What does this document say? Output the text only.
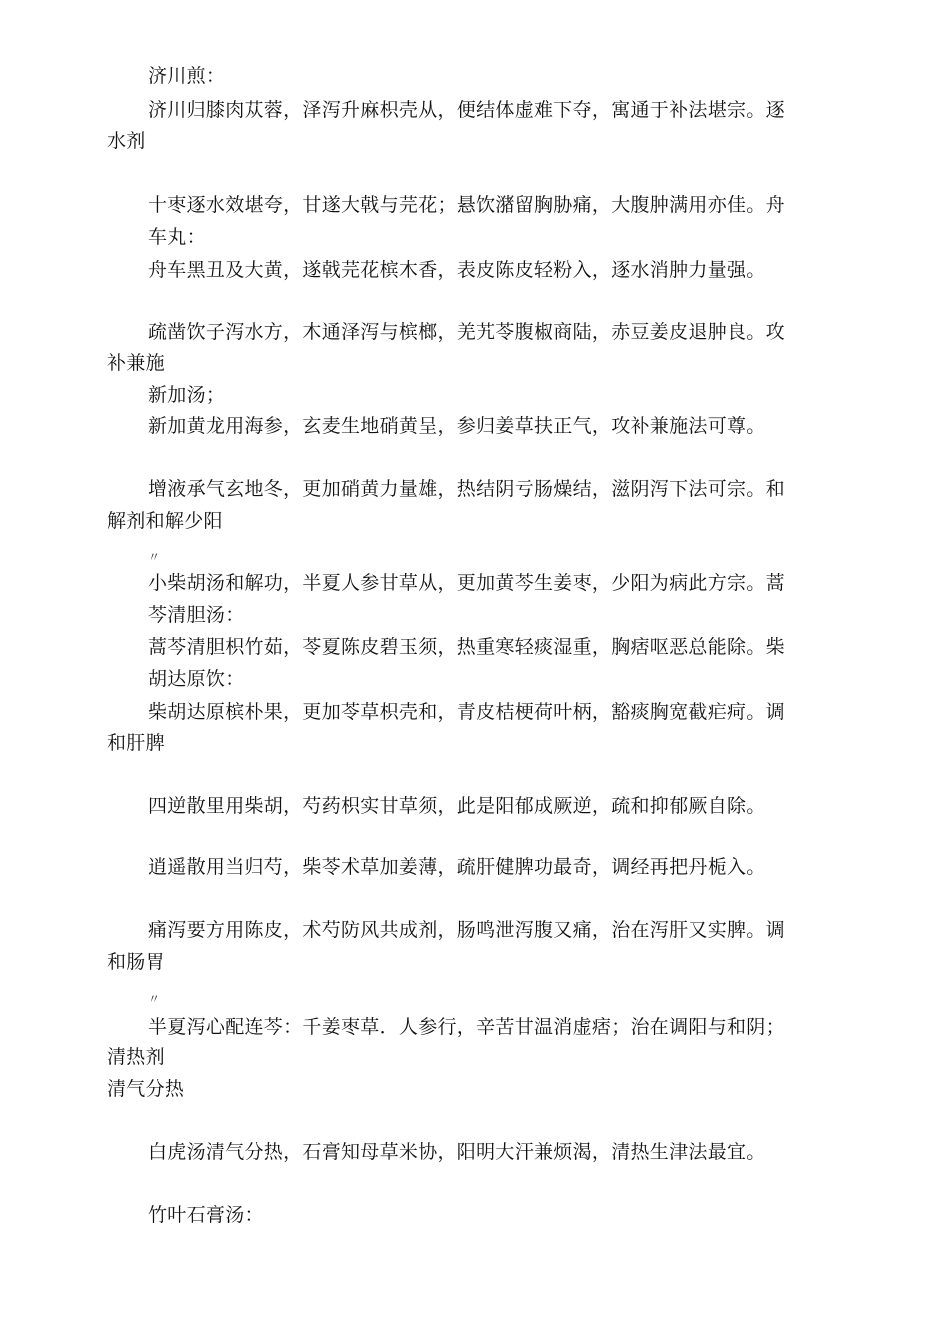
济川煎：
济川归膝肉苁蓉，泽泻升麻枳壳从，便结体虚难下夺，寓通于补法堪宗。逐
水剂
十枣逐水效堪夸，甘遂大戟与芫花；悬饮潴留胸胁痛，大腹肿满用亦佳。舟
车丸：
舟车黑丑及大黄，遂戟芫花槟木香，表皮陈皮轻粉入，逐水消肿力量强。
疏凿饮子泻水方，木通泽泻与槟榔，羌艽苓腹椒商陆，赤豆姜皮退肿良。攻
补兼施
新加汤；
新加黄龙用海参，玄麦生地硝黄呈，参归姜草扶正气，攻补兼施法可尊。
增液承气玄地冬，更加硝黄力量雄，热结阴亏肠燥结，滋阴泻下法可宗。和
解剂和解少阳
〃
小柴胡汤和解功，半夏人参甘草从，更加黄芩生姜枣，少阳为病此方宗。蒿
芩清胆汤：
蒿芩清胆枳竹茹，苓夏陈皮碧玉须，热重寒轻痰湿重，胸痞呕恶总能除。柴
胡达原饮：
柴胡达原槟朴果，更加苓草枳壳和，青皮桔梗荷叶柄，豁痰胸宽截疟疴。调
和肝脾
四逆散里用柴胡，芍药枳实甘草须，此是阳郁成厥逆，疏和抑郁厥自除。
逍遥散用当归芍，柴苓术草加姜薄，疏肝健脾功最奇，调经再把丹栀入。
痛泻要方用陈皮，术芍防风共成剂，肠鸣泄泻腹又痛，治在泻肝又实脾。调
和肠胃
〃
半夏泻心配连芩：千姜枣草．人参行，辛苦甘温消虚痞；治在调阳与和阴；
清热剂
清气分热
白虎汤清气分热，石膏知母草米协，阳明大汗兼烦渴，清热生津法最宜。
竹叶石膏汤：
